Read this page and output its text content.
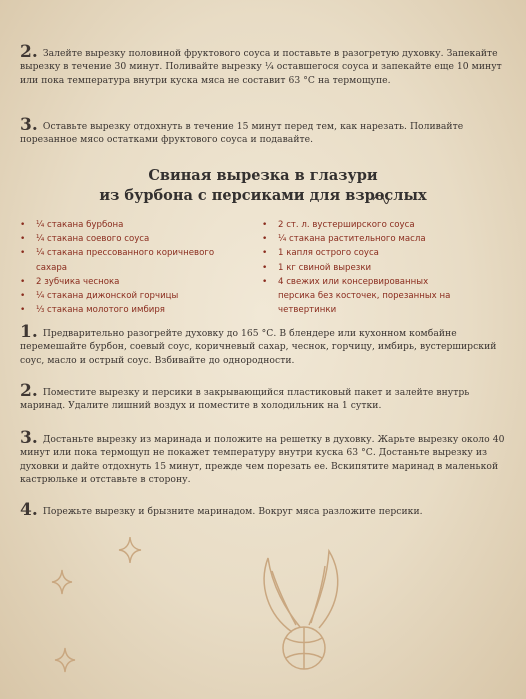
2. Залейте вырезку половиной фруктового соуса и поставьте в разогретую духовку. Запекайте вырезку в течение 30 минут. Поливайте вырезку ¼ оставшегося соуса и запекайте еще 10 минут или пока температура внутри куска мяса не составит 63 °С на термощупе.
3. Оставьте вырезку отдохнуть в течение 15 минут перед тем, как нарезать. Поливайте порезанное мясо остатками фруктового соуса и подавайте.
Свиная вырезка в глазури
из бурбона с персиками для взрослых
• ¼ стакана бурбона
• ¼ стакана соевого соуса
• ¼ стакана прессованного коричневого сахара
• 2 зубчика чеснока
• ¼ стакана дижонской горчицы
• ⅓ стакана молотого имбиря
• 2 ст. л. вустерширского соуса
• ¼ стакана растительного масла
• 1 капля острого соуса
• 1 кг свиной вырезки
• 4 свежих или консервированных персика без косточек, порезанных на четвертинки
1. Предварительно разогрейте духовку до 165 °С. В блендере или кухонном комбайне перемешайте бурбон, соевый соус, коричневый сахар, чеснок, горчицу, имбирь, вустерширский соус, масло и острый соус. Взбивайте до однородности.
2. Поместите вырезку и персики в закрывающийся пластиковый пакет и залейте внутрь маринад. Удалите лишний воздух и поместите в холодильник на 1 сутки.
3. Достаньте вырезку из маринада и положите на решетку в духовку. Жарьте вырезку около 40 минут или пока термощуп не покажет температуру внутри куска 63 °С. Достаньте вырезку из духовки и дайте отдохнуть 15 минут, прежде чем порезать ее. Вскипятите маринад в маленькой кастрюльке и отставьте в сторону.
4. Порежьте вырезку и брызните маринадом. Вокруг мяса разложите персики.
